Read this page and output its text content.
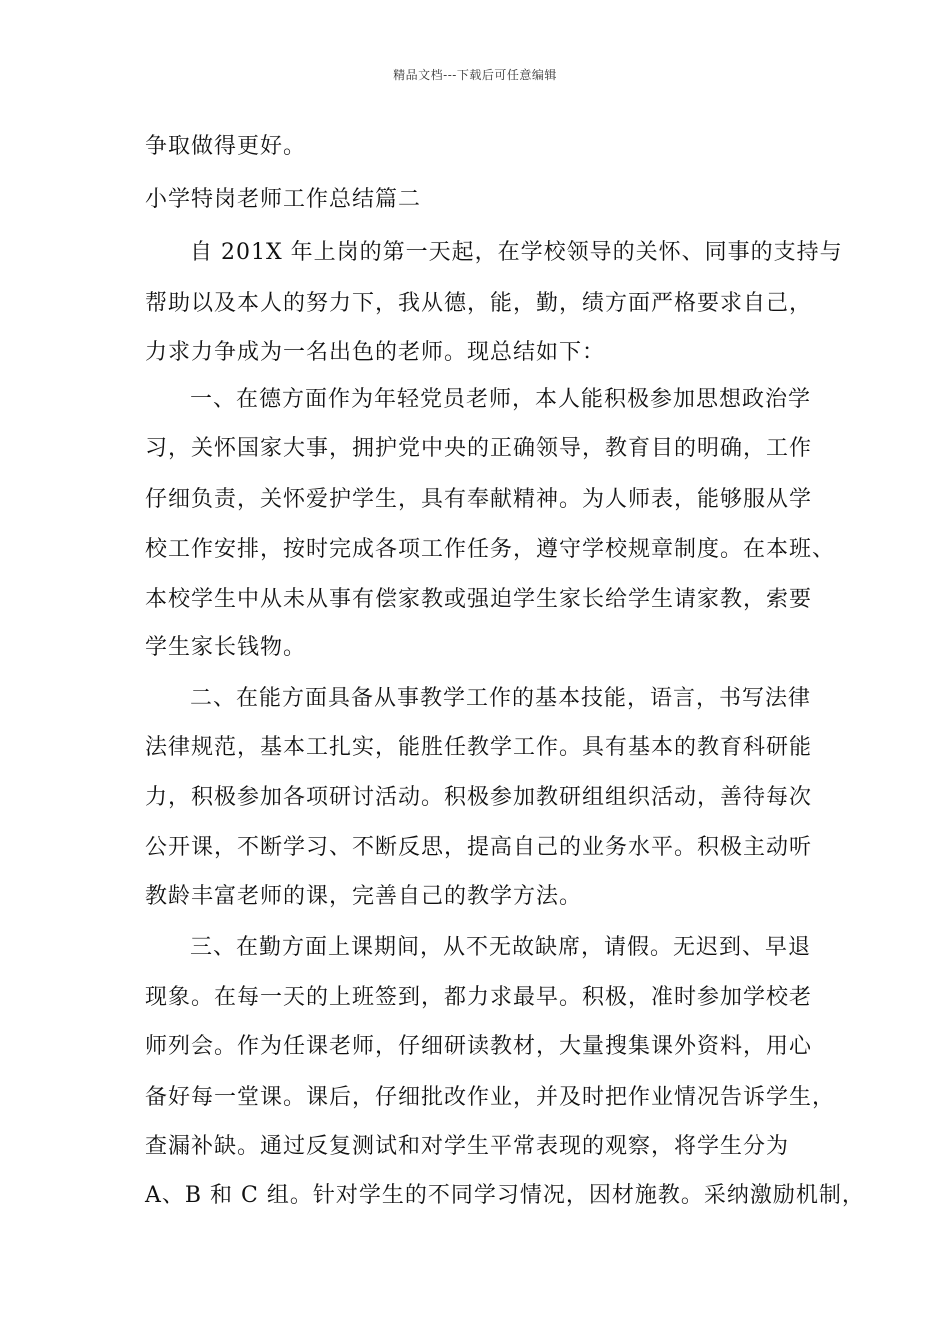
精品文档---下载后可任意编辑
争取做得更好。
小学特岗老师工作总结篇二
自 201X 年上岗的第一天起，在学校领导的关怀、同事的支持与
帮助以及本人的努力下，我从德，能，勤，绩方面严格要求自己，
力求力争成为一名出色的老师。现总结如下：
一、在德方面作为年轻党员老师，本人能积极参加思想政治学
习，关怀国家大事，拥护党中央的正确领导，教育目的明确，工作
仔细负责，关怀爱护学生，具有奉献精神。为人师表，能够服从学
校工作安排，按时完成各项工作任务，遵守学校规章制度。在本班、
本校学生中从未从事有偿家教或强迫学生家长给学生请家教，索要
学生家长钱物。
二、在能方面具备从事教学工作的基本技能，语言，书写法律
法律规范，基本工扎实，能胜任教学工作。具有基本的教育科研能
力，积极参加各项研讨活动。积极参加教研组组织活动，善待每次
公开课，不断学习、不断反思，提高自己的业务水平。积极主动听
教龄丰富老师的课，完善自己的教学方法。
三、在勤方面上课期间，从不无故缺席，请假。无迟到、早退
现象。在每一天的上班签到，都力求最早。积极，准时参加学校老
师列会。作为任课老师，仔细研读教材，大量搜集课外资料，用心
备好每一堂课。课后，仔细批改作业，并及时把作业情况告诉学生，
查漏补缺。通过反复测试和对学生平常表现的观察，将学生分为
A、B 和 C 组。针对学生的不同学习情况，因材施教。采纳激励机制，
